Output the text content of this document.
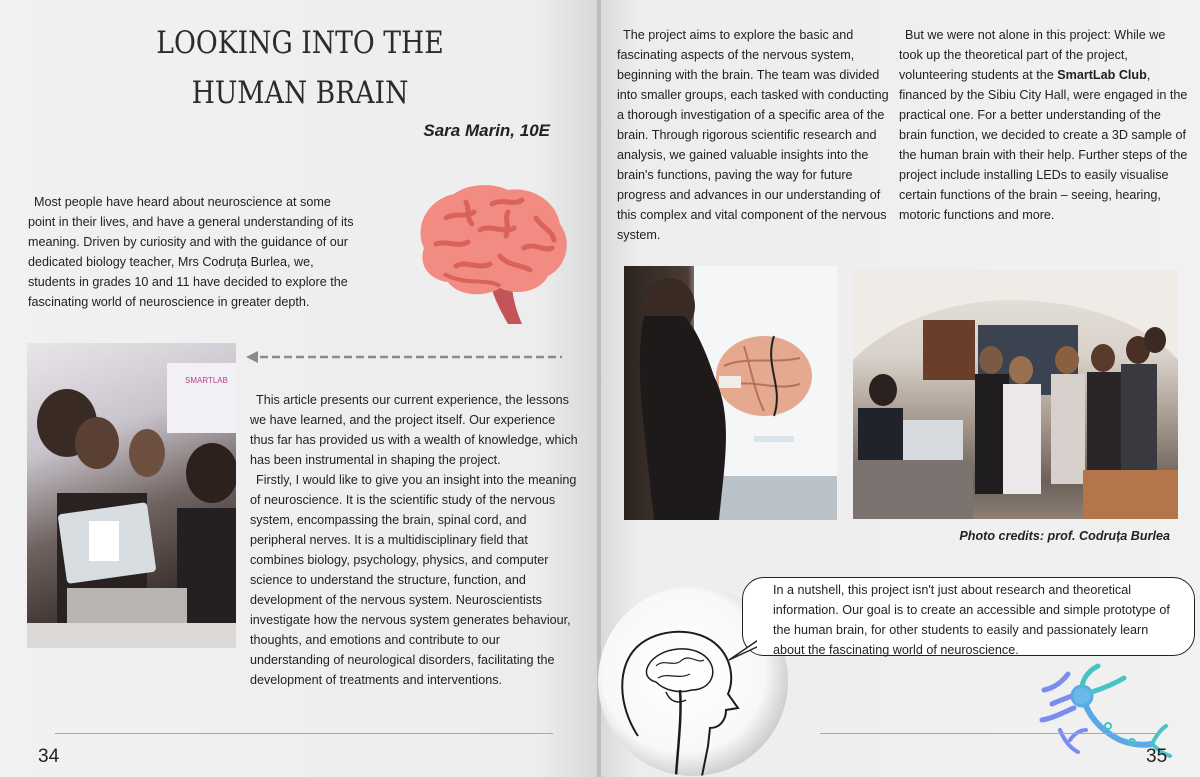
LOOKING INTO THE
HUMAN BRAIN
Sara Marin, 10E

Most people have heard about neuroscience at some point in their lives, and have a general understanding of its meaning. Driven by curiosity and with the guidance of our dedicated biology teacher, Mrs Codruța Burlea, we, students in grades 10 and 11 have decided to explore the fascinating world of neuroscience in greater depth.

SMARTLAB

This article presents our current experience, the lessons we have learned, and the project itself. Our experience thus far has provided us with a wealth of knowledge, which has been instrumental in shaping the project.

Firstly, I would like to give you an insight into the meaning of neuroscience. It is the scientific study of the nervous system, encompassing the brain, spinal cord, and peripheral nerves. It is a multidisciplinary field that combines biology, psychology, physics, and computer science to understand the structure, function, and development of the nervous system. Neuroscientists investigate how the nervous system generates behaviour, thoughts, and emotions and contribute to our understanding of neurological disorders, facilitating the development of treatments and interventions.

34

The project aims to explore the basic and fascinating aspects of the nervous system, beginning with the brain. The team was divided into smaller groups, each tasked with conducting a thorough investigation of a specific area of the brain. Through rigorous scientific research and analysis, we gained valuable insights into the brain's functions, paving the way for future progress and advances in our understanding of this complex and vital component of the nervous system.

But we were not alone in this project: While we took up the theoretical part of the project, volunteering students at the SmartLab Club, financed by the Sibiu City Hall, were engaged in the practical one. For a better understanding of the brain function, we decided to create a 3D sample of the human brain with their help. Further steps of the project include installing LEDs to easily visualise certain functions of the brain – seeing, hearing, motoric functions and more.

Photo credits: prof. Codruța Burlea
In a nutshell, this project isn't just about research and theoretical information. Our goal is to create an accessible and simple prototype of the human brain, for other students to easily and passionately learn about the fascinating world of neuroscience.
35
